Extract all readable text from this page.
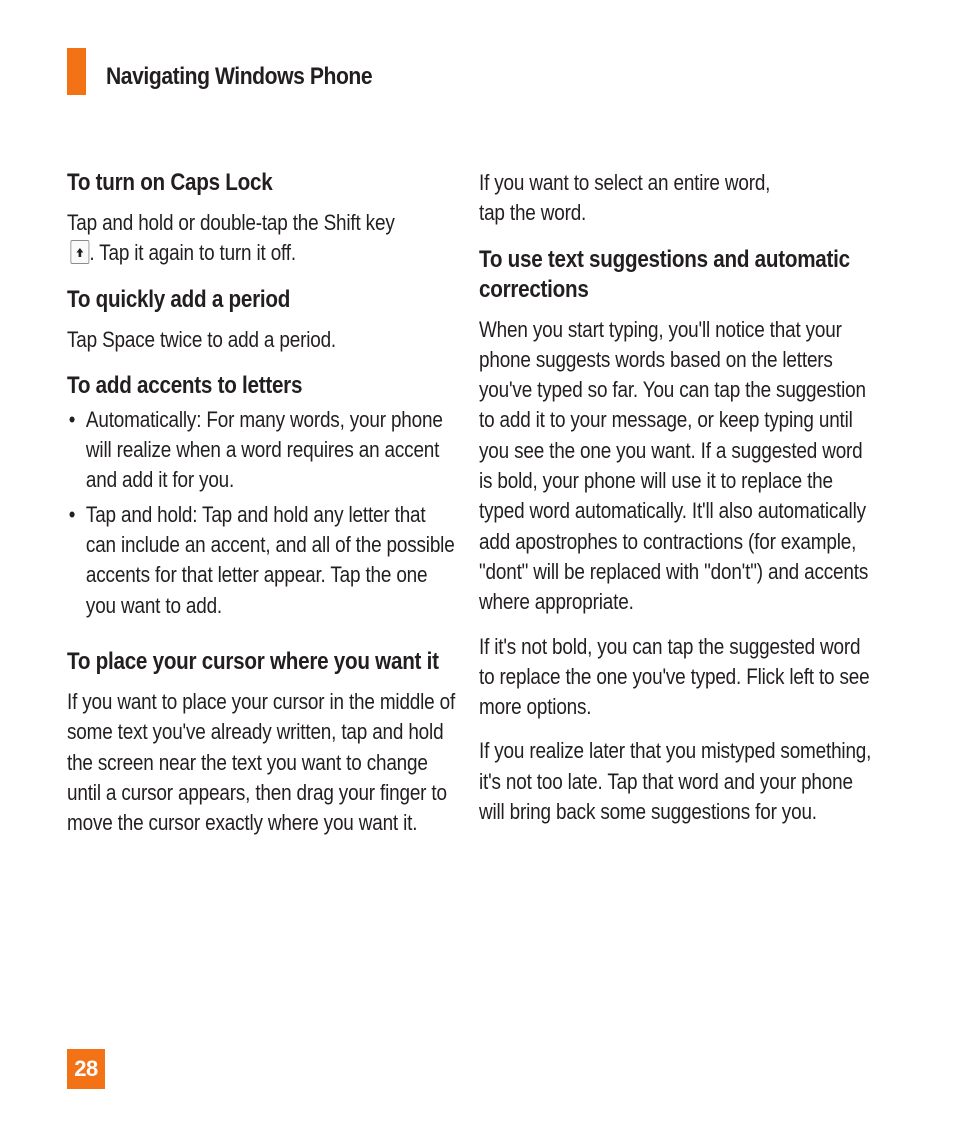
Navigating Windows Phone
To turn on Caps Lock

Tap and hold or double-tap the Shift key
. Tap it again to turn it off.

To quickly add a period

Tap Space twice to add a period.

To add accents to letters
• Automatically: For many words, your phone will realize when a word requires an accent and add it for you.
• Tap and hold: Tap and hold any letter that can include an accent, and all of the possible accents for that letter appear. Tap the one you want to add.
To place your cursor where you want it

If you want to place your cursor in the middle of some text you've already written, tap and hold the screen near the text you want to change until a cursor appears, then drag your finger to move the cursor exactly where you want it.

If you want to select an entire word, tap the word.

To use text suggestions and automatic corrections

When you start typing, you'll notice that your phone suggests words based on the letters you've typed so far. You can tap the suggestion to add it to your message, or keep typing until you see the one you want. If a suggested word is bold, your phone will use it to replace the typed word automatically. It'll also automatically add apostrophes to contractions (for example, "dont" will be replaced with "don't") and accents where appropriate.

If it's not bold, you can tap the suggested word to replace the one you've typed. Flick left to see more options.

If you realize later that you mistyped something, it's not too late. Tap that word and your phone will bring back some suggestions for you.

28
